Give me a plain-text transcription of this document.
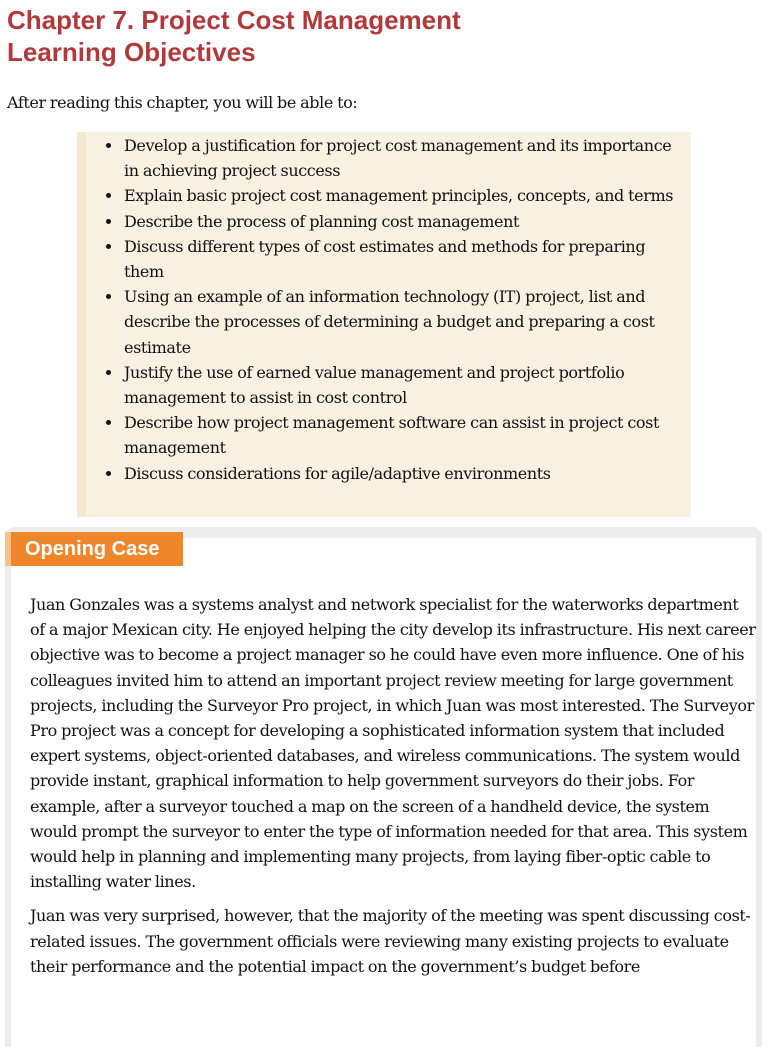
Chapter 7. Project Cost Management
Learning Objectives

After reading this chapter, you will be able to:

• Develop a justification for project cost management and its importance in achieving project success
• Explain basic project cost management principles, concepts, and terms
• Describe the process of planning cost management
• Discuss different types of cost estimates and methods for preparing them
• Using an example of an information technology (IT) project, list and describe the processes of determining a budget and preparing a cost estimate
• Justify the use of earned value management and project portfolio management to assist in cost control
• Describe how project management software can assist in project cost management
• Discuss considerations for agile/adaptive environments

Juan Gonzales was a systems analyst and network specialist for the waterworks department of a major Mexican city. He enjoyed helping the city develop its infrastructure. His next career objective was to become a project manager so he could have even more influence. One of his colleagues invited him to attend an important project review meeting for large government projects, including the Surveyor Pro project, in which Juan was most interested. The Surveyor Pro project was a concept for developing a sophisticated information system that included expert systems, object-oriented databases, and wireless communications. The system would provide instant, graphical information to help government surveyors do their jobs. For example, after a surveyor touched a map on the screen of a handheld device, the system would prompt the surveyor to enter the type of information needed for that area. This system would help in planning and implementing many projects, from laying fiber-optic cable to installing water lines.

Juan was very surprised, however, that the majority of the meeting was spent discussing cost-related issues. The government officials were reviewing many existing projects to evaluate their performance and the potential impact on the government’s budget before

Opening Case
